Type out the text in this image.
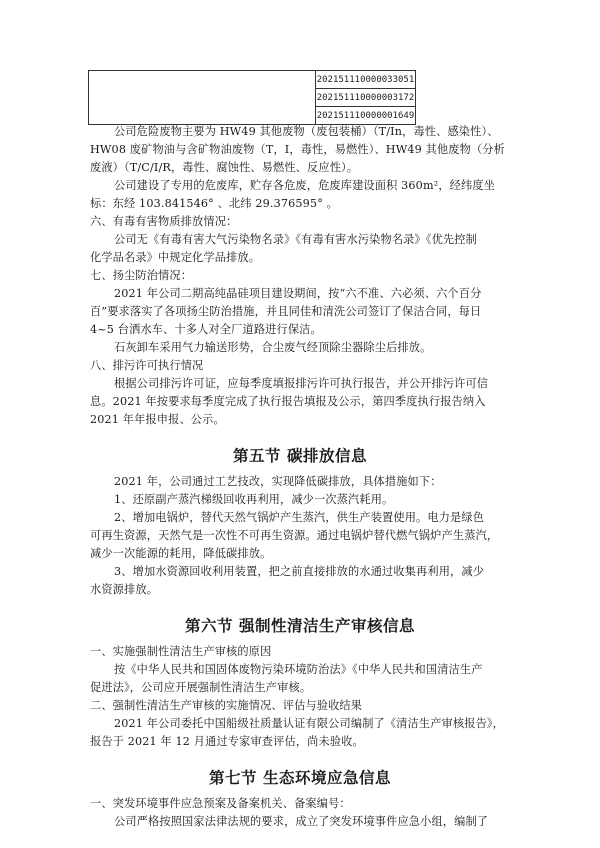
	202151110000033051
202151110000003172
202151110000001649
公司危险废物主要为 HW49 其他废物（废包装桶）（T/In，毒性、感染性）、
HW08 废矿物油与含矿物油废物（T，I，毒性，易燃性）、HW49 其他废物（分析
废液）（T/C/I/R，毒性、腐蚀性、易燃性、反应性）。
公司建设了专用的危废库，贮存各危废，危废库建设面积 360m²，经纬度坐
标：东经 103.841546° 、北纬 29.376595° 。
六、有毒有害物质排放情况：
公司无《有毒有害大气污染物名录》《有毒有害水污染物名录》《优先控制
化学品名录》中规定化学品排放。
七、扬尘防治情况：
2021 年公司二期高纯晶硅项目建设期间，按“六不准、六必须、六个百分
百”要求落实了各项扬尘防治措施，并且同佳和清洗公司签订了保洁合同，每日
4~5 台洒水车、十多人对全厂道路进行保洁。
石灰卸车采用气力输送形势，合尘废气经顶除尘器除尘后排放。
八、排污许可执行情况
根据公司排污许可证，应每季度填报排污许可执行报告，并公开排污许可信
息。2021 年按要求每季度完成了执行报告填报及公示，第四季度执行报告纳入
2021 年年报申报、公示。
第五节 碳排放信息
2021 年，公司通过工艺技改，实现降低碳排放，具体措施如下：
1、还原副产蒸汽梯级回收再利用，减少一次蒸汽耗用。
2、增加电锅炉，替代天然气锅炉产生蒸汽，供生产装置使用。电力是绿色
可再生资源，天然气是一次性不可再生资源。通过电锅炉替代燃气锅炉产生蒸汽，
减少一次能源的耗用，降低碳排放。
3、增加水资源回收利用装置，把之前直接排放的水通过收集再利用，减少
水资源排放。
第六节 强制性清洁生产审核信息
一、实施强制性清洁生产审核的原因
按《中华人民共和国固体废物污染环境防治法》《中华人民共和国清洁生产
促进法》，公司应开展强制性清洁生产审核。
二、强制性清洁生产审核的实施情况、评估与验收结果
2021 年公司委托中国船级社质量认证有限公司编制了《清洁生产审核报告》，
报告于 2021 年 12 月通过专家审查评估，尚未验收。
第七节 生态环境应急信息
一、突发环境事件应急预案及备案机关、备案编号：
公司严格按照国家法律法规的要求，成立了突发环境事件应急小组，编制了
